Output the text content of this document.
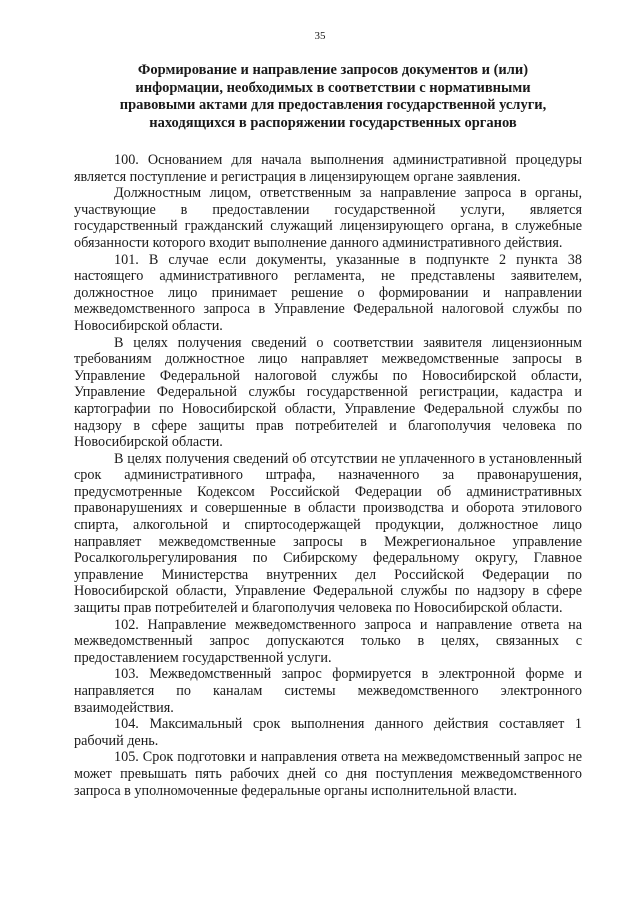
35
Формирование и направление запросов документов и (или) информации, необходимых в соответствии с нормативными правовыми актами для предоставления государственной услуги, находящихся в распоряжении государственных органов

100. Основанием для начала выполнения административной процедуры является поступление и регистрация в лицензирующем органе заявления.

Должностным лицом, ответственным за направление запроса в органы, участвующие в предоставлении государственной услуги, является государственный гражданский служащий лицензирующего органа, в служебные обязанности которого входит выполнение данного административного действия.

101. В случае если документы, указанные в подпункте 2 пункта 38 настоящего административного регламента, не представлены заявителем, должностное лицо принимает решение о формировании и направлении межведомственного запроса в Управление Федеральной налоговой службы по Новосибирской области.

В целях получения сведений о соответствии заявителя лицензионным требованиям должностное лицо направляет межведомственные запросы в Управление Федеральной налоговой службы по Новосибирской области, Управление Федеральной службы государственной регистрации, кадастра и картографии по Новосибирской области, Управление Федеральной службы по надзору в сфере защиты прав потребителей и благополучия человека по Новосибирской области.

В целях получения сведений об отсутствии не уплаченного в установленный срок административного штрафа, назначенного за правонарушения, предусмотренные Кодексом Российской Федерации об административных правонарушениях и совершенные в области производства и оборота этилового спирта, алкогольной и спиртосодержащей продукции, должностное лицо направляет межведомственные запросы в Межрегиональное управление Росалкогольрегулирования по Сибирскому федеральному округу, Главное управление Министерства внутренних дел Российской Федерации по Новосибирской области, Управление Федеральной службы по надзору в сфере защиты прав потребителей и благополучия человека по Новосибирской области.

102. Направление межведомственного запроса и направление ответа на межведомственный запрос допускаются только в целях, связанных с предоставлением государственной услуги.

103. Межведомственный запрос формируется в электронной форме и направляется по каналам системы межведомственного электронного взаимодействия.

104. Максимальный срок выполнения данного действия составляет 1 рабочий день.

105. Срок подготовки и направления ответа на межведомственный запрос не может превышать пять рабочих дней со дня поступления межведомственного запроса в уполномоченные федеральные органы исполнительной власти.
